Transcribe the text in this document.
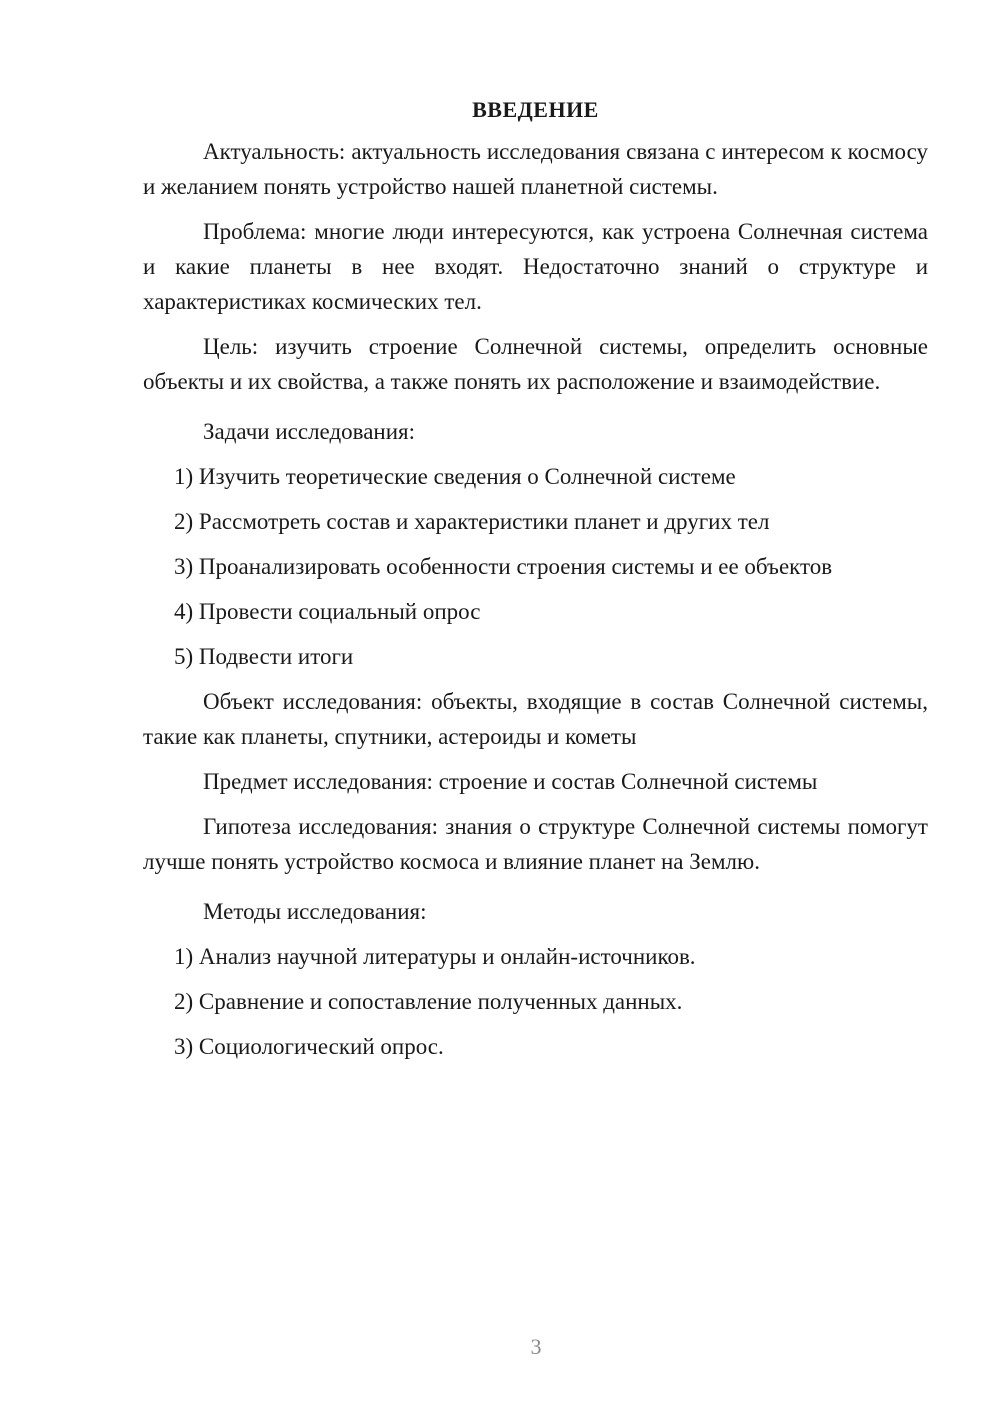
ВВЕДЕНИЕ

Актуальность: актуальность исследования связана с интересом к космосу и желанием понять устройство нашей планетной системы.

Проблема: многие люди интересуются, как устроена Солнечная система и какие планеты в нее входят. Недостаточно знаний о структуре и характеристиках космических тел.

Цель: изучить строение Солнечной системы, определить основные объекты и их свойства, а также понять их расположение и взаимодействие.

Задачи исследования:

1) Изучить теоретические сведения о Солнечной системе

2) Рассмотреть состав и характеристики планет и других тел

3) Проанализировать особенности строения системы и ее объектов

4) Провести социальный опрос

5) Подвести итоги

Объект исследования: объекты, входящие в состав Солнечной системы, такие как планеты, спутники, астероиды и кометы

Предмет исследования: строение и состав Солнечной системы

Гипотеза исследования: знания о структуре Солнечной системы помогут лучше понять устройство космоса и влияние планет на Землю.

Методы исследования:

1) Анализ научной литературы и онлайн-источников.

2) Сравнение и сопоставление полученных данных.

3) Социологический опрос.

3
